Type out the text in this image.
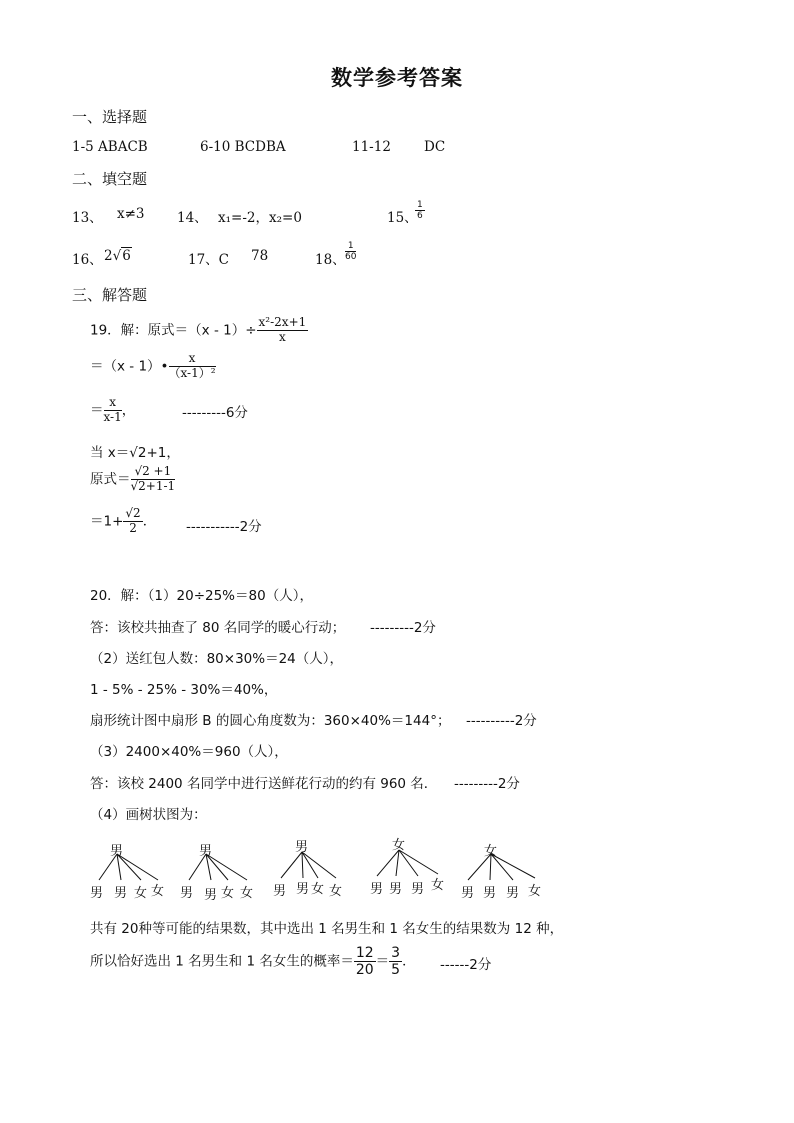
数学参考答案
一、选择题
1-5 ABACB	6-10 BCDBA	11-12 DC
二、填空题
13、 x≠3 14、 x₁=-2，x₂=0	15、
$\frac{1}{6}$
16、 2√6	17、C 78	18、 $\frac{1}{60}$
三、解答题
19．解：原式$=(x - 1)\div \frac{\text{x²-2x+1}}{x}$
＝（x - 1）• $\frac{x}{\text{（x-1）²}}$
＝ $\frac{x}{x-1}$ ，	---------6分
当 x＝√2+1，
原式＝ $\frac{√2 +1}{√2+1-1}$
$=1+ \frac{√2}{2}$ ． -----------2分
20．解：（1）20÷25%＝80（人），
答：该校共抽查了 80 名同学的暖心行动； ---------2分
（2）送红包人数：80×30%＝24（人），
1 - 5% - 25% - 30%＝40%，
扇形统计图中扇形 B 的圆心角度数为：360×40%＝144°； ----------2分
（3）2400×40%＝960（人），
答：该校 2400 名同学中进行送鲜花行动的约有 960 名． ---------2分
（4）画树状图为：
男
男 男 女 女
男
男 男 女 女
男
男 男 女 女
女
男 男 男 女
女
男 男 男 女
共有 20种等可能的结果数，其中选出 1 名男生和 1 名女生的结果数为 12 种，
所以恰好选出 1 名男生和 1 名女生的概率＝ $\frac{12}{20} = \frac{3}{5}$ ． ------2分
